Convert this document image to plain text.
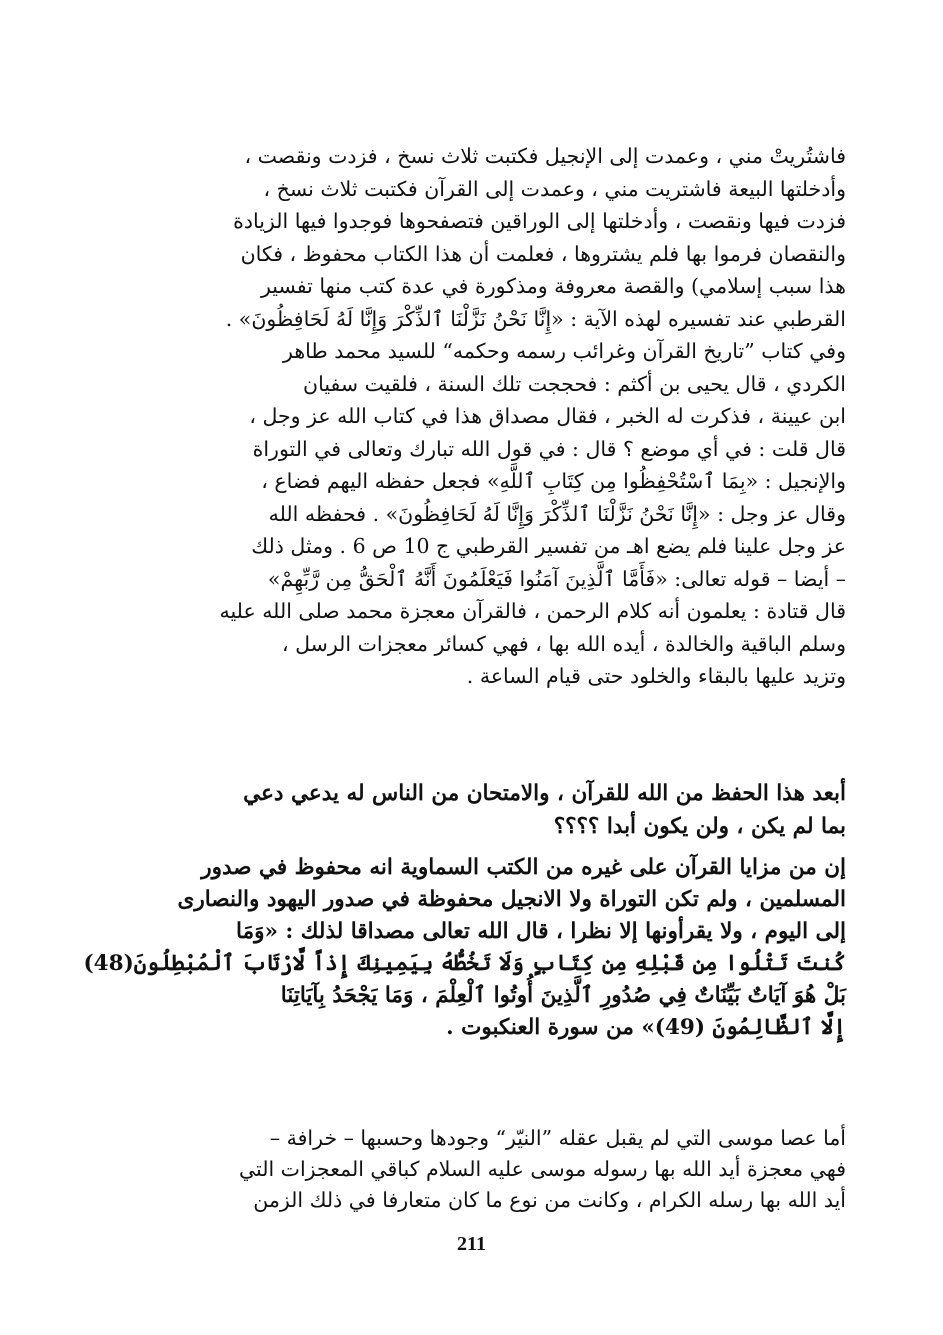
فاشتُريتْ مني ، وعمدت إلى الإنجيل فكتبت ثلاث نسخ ، فزدت ونقصت ،
وأدخلتها البيعة فاشتريت مني ، وعمدت إلى القرآن فكتبت ثلاث نسخ ،
فزدت فيها ونقصت ، وأدخلتها إلى الوراقين فتصفحوها فوجدوا فيها الزيادة
والنقصان فرموا بها فلم يشتروها ، فعلمت أن هذا الكتاب محفوظ ، فكان
هذا سبب إسلامي) والقصة معروفة ومذكورة في عدة كتب منها تفسير
القرطبي عند تفسيره لهذه الآية : «إِنَّا نَحْنُ نَزَّلْنَا ٱلذِّكْرَ وَإِنَّا لَهُ لَحَافِظُونَ» .
وفي كتاب ”تاريخ القرآن وغرائب رسمه وحكمه“ للسيد محمد طاهر
الكردي ، قال يحيى بن أكثم : فحججت تلك السنة ، فلقيت سفيان
ابن عيينة ، فذكرت له الخبر ، فقال مصداق هذا في كتاب الله عز وجل ،
قال قلت : في أي موضع ؟ قال : في قول الله تبارك وتعالى في التوراة
والإنجيل : «بِمَا ٱسْتُحْفِظُوا مِن كِتَابِ ٱللَّهِ» فجعل حفظه اليهم فضاع ،
وقال عز وجل : «إِنَّا نَحْنُ نَزَّلْنَا ٱلذِّكْرَ وَإِنَّا لَهُ لَحَافِظُونَ» . فحفظه الله
عز وجل علينا فلم يضع اهـ من تفسير القرطبي ج 10 ص 6 . ومثل ذلك
– أيضا – قوله تعالى: «فَأَمَّا ٱلَّذِينَ آمَنُوا فَيَعْلَمُونَ أَنَّهُ ٱلْحَقُّ مِن رَّبِّهِمْ»
قال قتادة : يعلمون أنه كلام الرحمن ، فالقرآن معجزة محمد صلى الله عليه
وسلم الباقية والخالدة ، أيده الله بها ، فهي كسائر معجزات الرسل ،
وتزيد عليها بالبقاء والخلود حتى قيام الساعة .
أبعد هذا الحفظ من الله للقرآن ، والامتحان من الناس له يدعي دعي
بما لم يكن ، ولن يكون أبدا ؟؟؟؟
إن من مزايا القرآن على غيره من الكتب السماوية انه محفوظ في صدور
المسلمين ، ولم تكن التوراة ولا الانجيل محفوظة في صدور اليهود والنصارى
إلى اليوم ، ولا يقرأونها إلا نظرا ، قال الله تعالى مصداقا لذلك : «وَمَا
كُنتَ تَتْلُوا مِن قَبْلِهِ مِن كِتَابٍ وَلَا تَخُطُّهُ بِيَمِينِكَ إِذاً لَّارْتَابَ ٱلْمُبْطِلُونَ(48)
بَلْ هُوَ آيَاتٌ بَيِّنَاتٌ فِي صُدُورِ ٱلَّذِينَ أُوتُوا ٱلْعِلْمَ ، وَمَا يَجْحَدُ بِآيَاتِنَا
إِلَّا ٱلظَّالِمُونَ (49)» من سورة العنكبوت .
أما عصا موسى التي لم يقبل عقله ”النيّر“ وجودها وحسبها – خرافة –
فهي معجزة أيد الله بها رسوله موسى عليه السلام كباقي المعجزات التي
أيد الله بها رسله الكرام ، وكانت من نوع ما كان متعارفا في ذلك الزمن
211
